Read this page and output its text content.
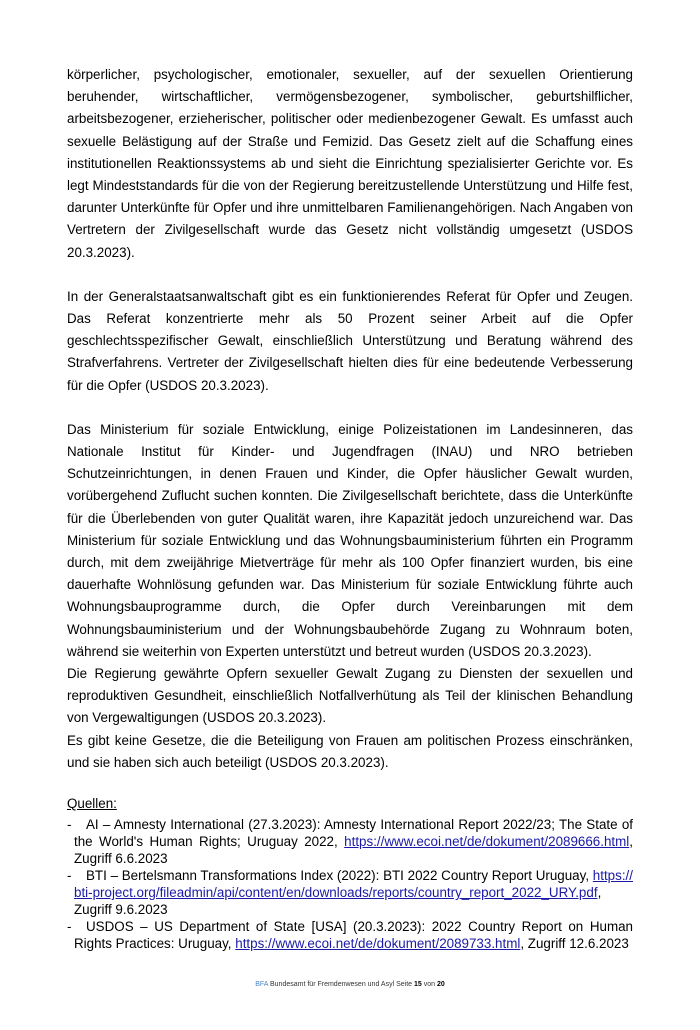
körperlicher, psychologischer, emotionaler, sexueller, auf der sexuellen Orientierung beruhender, wirtschaftlicher, vermögensbezogener, symbolischer, geburtshilflicher, arbeitsbezogener, erzieherischer, politischer oder medienbezogener Gewalt. Es umfasst auch sexuelle Belästigung auf der Straße und Femizid. Das Gesetz zielt auf die Schaffung eines institutionellen Reaktionssystems ab und sieht die Einrichtung spezialisierter Gerichte vor. Es legt Mindeststandards für die von der Regierung bereitzustellende Unterstützung und Hilfe fest, darunter Unterkünfte für Opfer und ihre unmittelbaren Familienangehörigen. Nach Angaben von Vertretern der Zivilgesellschaft wurde das Gesetz nicht vollständig umgesetzt (USDOS 20.3.2023).

In der Generalstaatsanwaltschaft gibt es ein funktionierendes Referat für Opfer und Zeugen. Das Referat konzentrierte mehr als 50 Prozent seiner Arbeit auf die Opfer geschlechtsspezifischer Gewalt, einschließlich Unterstützung und Beratung während des Strafverfahrens. Vertreter der Zivilgesellschaft hielten dies für eine bedeutende Verbesserung für die Opfer (USDOS 20.3.2023).

Das Ministerium für soziale Entwicklung, einige Polizeistationen im Landesinneren, das Nationale Institut für Kinder- und Jugendfragen (INAU) und NRO betrieben Schutzeinrichtungen, in denen Frauen und Kinder, die Opfer häuslicher Gewalt wurden, vorübergehend Zuflucht suchen konnten. Die Zivilgesellschaft berichtete, dass die Unterkünfte für die Überlebenden von guter Qualität waren, ihre Kapazität jedoch unzureichend war. Das Ministerium für soziale Entwicklung und das Wohnungsbauministerium führten ein Programm durch, mit dem zweijährige Mietverträge für mehr als 100 Opfer finanziert wurden, bis eine dauerhafte Wohnlösung gefunden war. Das Ministerium für soziale Entwicklung führte auch Wohnungsbauprogramme durch, die Opfer durch Vereinbarungen mit dem Wohnungsbauministerium und der Wohnungsbaubehörde Zugang zu Wohnraum boten, während sie weiterhin von Experten unterstützt und betreut wurden (USDOS 20.3.2023).

Die Regierung gewährte Opfern sexueller Gewalt Zugang zu Diensten der sexuellen und reproduktiven Gesundheit, einschließlich Notfallverhütung als Teil der klinischen Behandlung von Vergewaltigungen (USDOS 20.3.2023).

Es gibt keine Gesetze, die die Beteiligung von Frauen am politischen Prozess einschränken, und sie haben sich auch beteiligt (USDOS 20.3.2023).

Quellen:
- AI – Amnesty International (27.3.2023): Amnesty International Report 2022/23; The State of the World's Human Rights; Uruguay 2022, https://www.ecoi.net/de/dokument/2089666.html, Zugriff 6.6.2023
- BTI – Bertelsmann Transformations Index (2022): BTI 2022 Country Report Uruguay, https://bti-project.org/fileadmin/api/content/en/downloads/reports/country_report_2022_URY.pdf, Zugriff 9.6.2023
- USDOS – US Department of State [USA] (20.3.2023): 2022 Country Report on Human Rights Practices: Uruguay, https://www.ecoi.net/de/dokument/2089733.html, Zugriff 12.6.2023
BFA Bundesamt für Fremdenwesen und Asyl Seite 15 von 20
